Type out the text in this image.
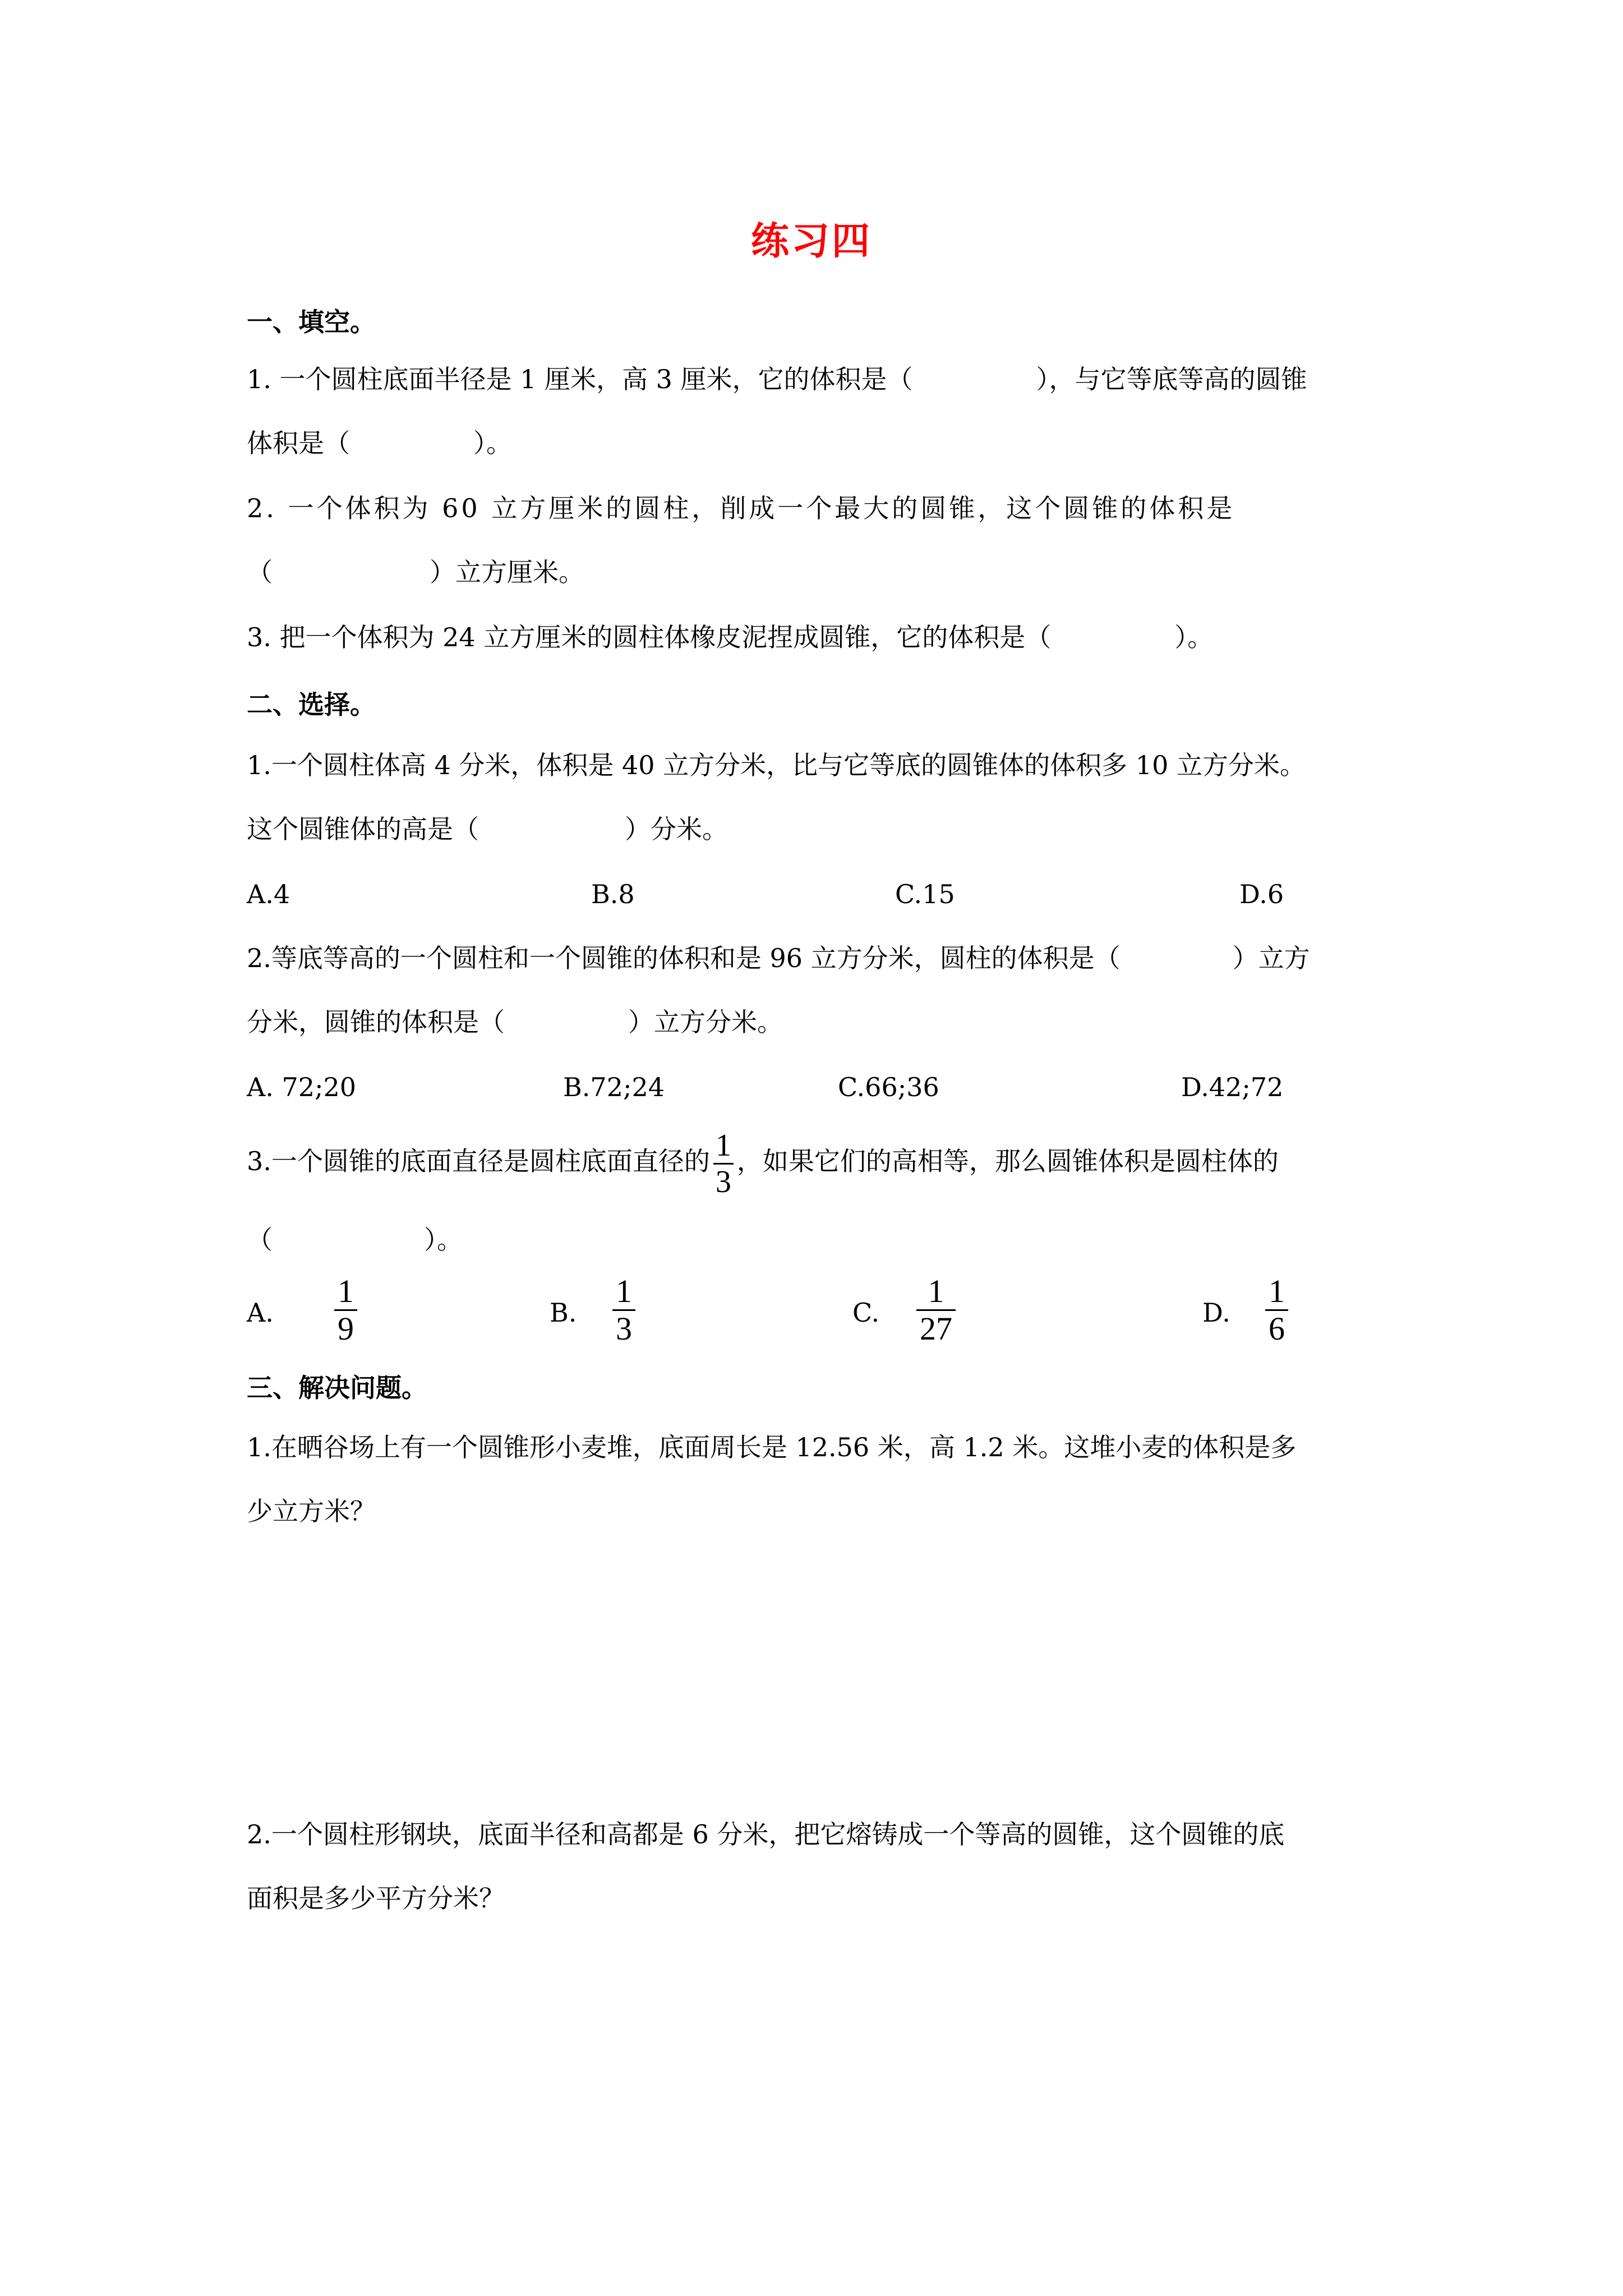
练习四
一、填空。
1. 一个圆柱底面半径是 1 厘米，高 3 厘米，它的体积是（	），与它等底等高的圆锥
体积是（	）。
2. 一个体积为 60 立方厘米的圆柱，削成一个最大的圆锥，这个圆锥的体积是
（	）立方厘米。
3. 把一个体积为 24 立方厘米的圆柱体橡皮泥捏成圆锥，它的体积是（	）。
二、选择。
1.一个圆柱体高 4 分米，体积是 40 立方分米，比与它等底的圆锥体的体积多 10 立方分米。
这个圆锥体的高是（	）分米。
A.4	B.8	C.15	D.6
2.等底等高的一个圆柱和一个圆锥的体积和是 96 立方分米，圆柱的体积是（	）立方
分米，圆锥的体积是（	）立方分米。
A. 72;20	B.72;24	C.66;36	D.42;72
3.一个圆锥的底面直径是圆柱底面直径的 $\frac{1}{3}$ ，如果它们的高相等，那么圆锥体积是圆柱体的
（	）。
A. $\frac{1}{9}$	B. $\frac{1}{3}$	C. $\frac{1}{27}$	D. $\frac{1}{6}$
三、解决问题。
1.在晒谷场上有一个圆锥形小麦堆，底面周长是 12.56 米，高 1.2 米。这堆小麦的体积是多
少立方米？
2.一个圆柱形钢块，底面半径和高都是 6 分米，把它熔铸成一个等高的圆锥，这个圆锥的底
面积是多少平方分米？
